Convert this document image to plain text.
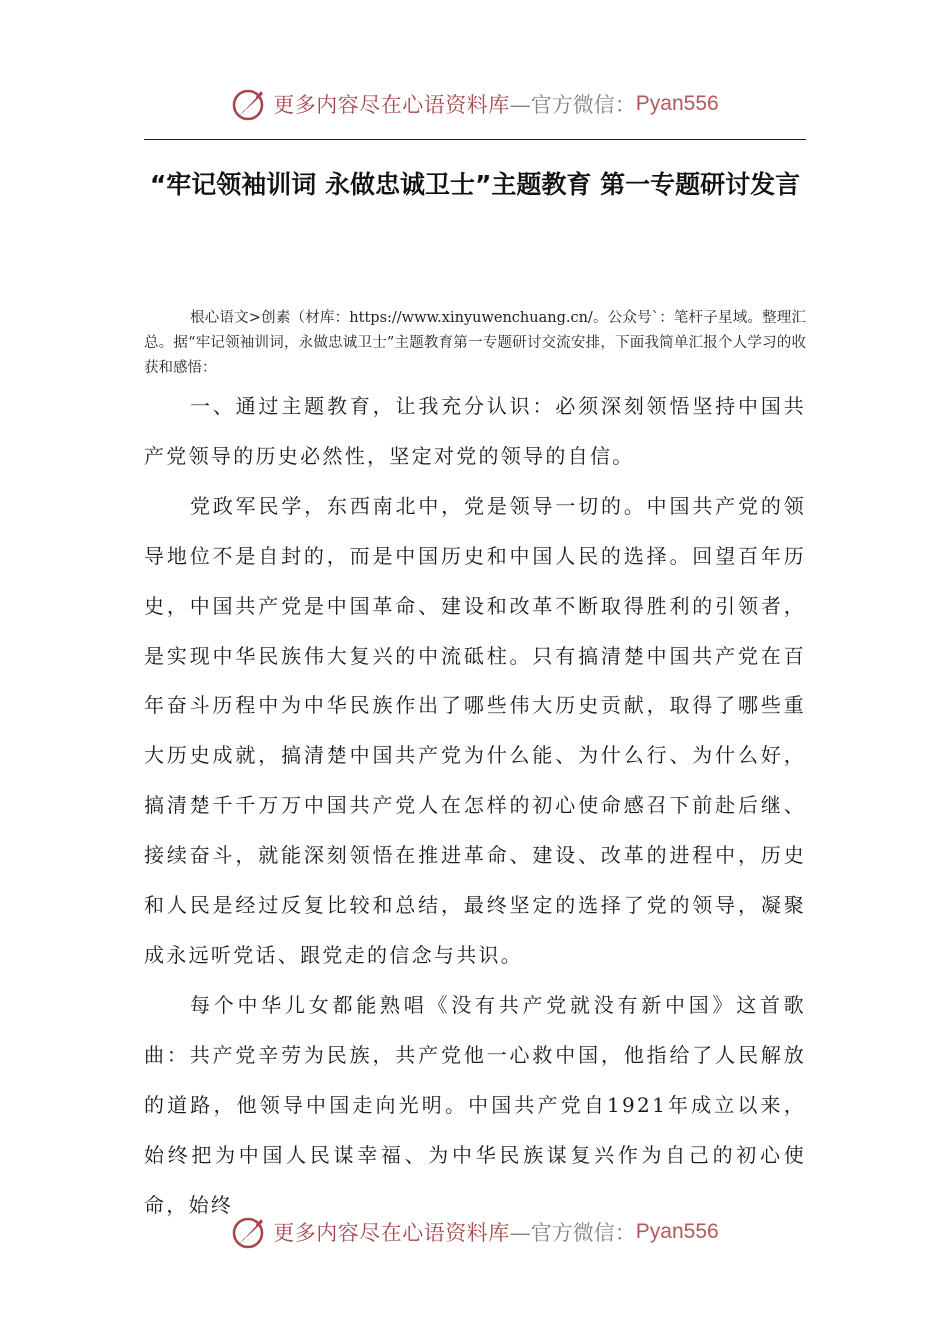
更多内容尽在心语资料库 —官方微信： Pyan556
“牢记领袖训词 永做忠诚卫士”主题教育 第一专题研讨发言
根心语文>创素（材库：https://www.xinyuwenchuang.cn/。公众号`：笔杆子星域。整理汇总。据“牢记领袖训词，永做忠诚卫士”主题教育第一专题研讨交流安排，下面我简单汇报个人学习的收获和感悟：

一、通过主题教育，让我充分认识：必须深刻领悟坚持中国共产党领导的历史必然性，坚定对党的领导的自信。

党政军民学，东西南北中，党是领导一切的。中国共产党的领导地位不是自封的，而是中国历史和中国人民的选择。回望百年历史，中国共产党是中国革命、建设和改革不断取得胜利的引领者，是实现中华民族伟大复兴的中流砥柱。只有搞清楚中国共产党在百年奋斗历程中为中华民族作出了哪些伟大历史贡献，取得了哪些重大历史成就，搞清楚中国共产党为什么能、为什么行、为什么好，搞清楚千千万万中国共产党人在怎样的初心使命感召下前赴后继、接续奋斗，就能深刻领悟在推进革命、建设、改革的进程中，历史和人民是经过反复比较和总结，最终坚定的选择了党的领导，凝聚成永远听党话、跟党走的信念与共识。

每个中华儿女都能熟唱《没有共产党就没有新中国》这首歌曲：共产党辛劳为民族，共产党他一心救中国，他指给了人民解放的道路，他领导中国走向光明。中国共产党自1921年成立以来，始终把为中国人民谋幸福、为中华民族谋复兴作为自己的初心使命，始终

更多内容尽在心语资料库 —官方微信： Pyan556
